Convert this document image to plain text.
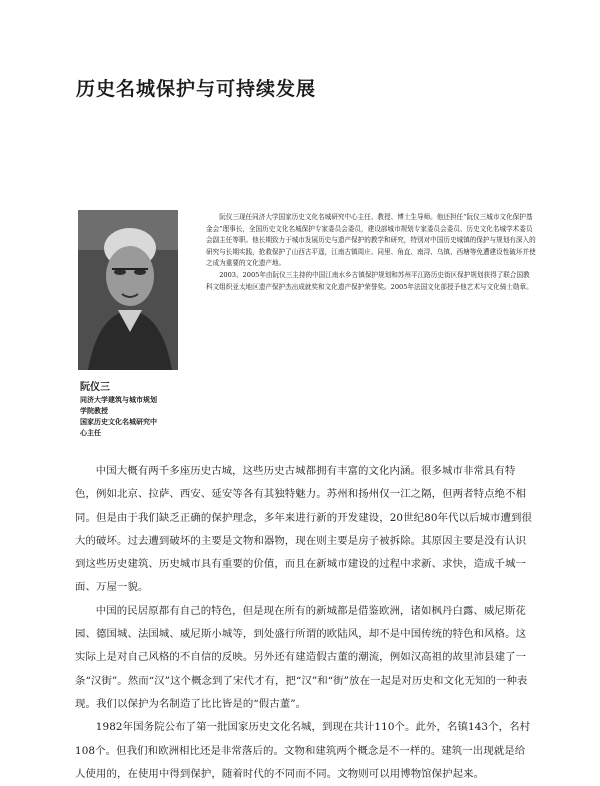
历史名城保护与可持续发展
阮仪三
同济大学建筑与城市规划
学院教授
国家历史文化名城研究中
心主任

阮仪三现任同济大学国家历史文化名城研究中心主任、教授、博士生导师。他还担任“阮仪三城市文化保护基金会”理事长，全国历史文化名城保护专家委员会委员，建设部城市规划专家委员会委员、历史文化名城学术委员会副主任等职。他长期致力于城市发展历史与遗产保护的教学和研究，特别对中国历史城镇的保护与规划有深入的研究与长期实践，抢救保护了山西古平遥，江南古镇周庄、同里、角直、南浔、乌镇、西塘等免遭建设性破坏并使之成为重要的文化遗产地。

2003、2005年由阮仪三主持的中国江南水乡古镇保护规划和苏州平江路历史街区保护规划获得了联合国教科文组织亚太地区遗产保护杰出成就奖和文化遗产保护荣誉奖。2005年法国文化部授予他艺术与文化骑士勋章。

中国大概有两千多座历史古城，这些历史古城都拥有丰富的文化内涵。很多城市非常具有特色，例如北京、拉萨、西安、延安等各有其独特魅力。苏州和扬州仅一江之隔，但两者特点绝不相同。但是由于我们缺乏正确的保护理念，多年来进行新的开发建设，20世纪80年代以后城市遭到很大的破坏。过去遭到破坏的主要是文物和器物，现在则主要是房子被拆除。其原因主要是没有认识到这些历史建筑、历史城市具有重要的价值，而且在新城市建设的过程中求新、求快，造成千城一面、万屋一貌。

中国的民居原都有自己的特色，但是现在所有的新城都是借鉴欧洲，诸如枫丹白露、威尼斯花园、德国城、法国城、威尼斯小城等，到处盛行所谓的欧陆风，却不是中国传统的特色和风格。这实际上是对自己风格的不自信的反映。另外还有建造假古董的潮流，例如汉高祖的故里沛县建了一条“汉街”。然而“汉”这个概念到了宋代才有，把“汉”和“街”放在一起是对历史和文化无知的一种表现。我们以保护为名制造了比比皆是的“假古董”。

1982年国务院公布了第一批国家历史文化名城，到现在共计110个。此外，名镇143个，名村108个。但我们和欧洲相比还是非常落后的。文物和建筑两个概念是不一样的。建筑一出现就是给人使用的，在使用中得到保护，随着时代的不同而不同。文物则可以用博物馆保护起来。
